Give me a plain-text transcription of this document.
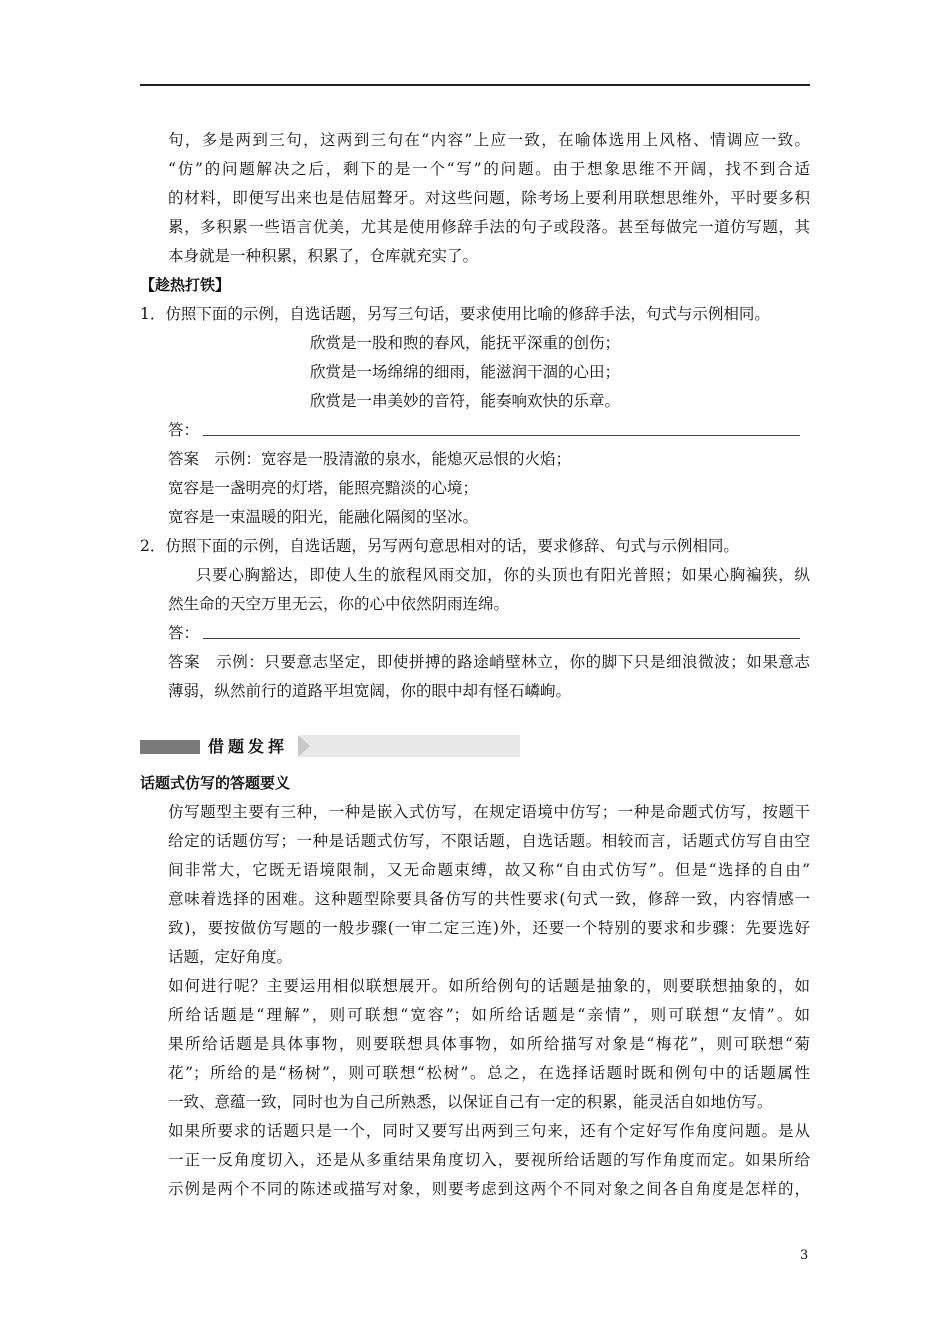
句，多是两到三句，这两到三句在“内容”上应一致，在喻体选用上风格、情调应一致。
“仿”的问题解决之后，剩下的是一个“写”的问题。由于想象思维不开阔，找不到合适
的材料，即便写出来也是佶屈聱牙。对这些问题，除考场上要利用联想思维外，平时要多积
累，多积累一些语言优美，尤其是使用修辞手法的句子或段落。甚至每做完一道仿写题，其
本身就是一种积累，积累了，仓库就充实了。
【趁热打铁】
1．仿照下面的示例，自选话题，另写三句话，要求使用比喻的修辞手法，句式与示例相同。
欣赏是一股和煦的春风，能抚平深重的创伤；
欣赏是一场绵绵的细雨，能滋润干涸的心田；
欣赏是一串美妙的音符，能奏响欢快的乐章。
答：
答案　示例：宽容是一股清澈的泉水，能熄灭忌恨的火焰；
宽容是一盏明亮的灯塔，能照亮黯淡的心境；
宽容是一束温暖的阳光，能融化隔阂的坚冰。
2．仿照下面的示例，自选话题，另写两句意思相对的话，要求修辞、句式与示例相同。
只要心胸豁达，即使人生的旅程风雨交加，你的头顶也有阳光普照；如果心胸褊狭，纵
然生命的天空万里无云，你的心中依然阴雨连绵。
答：
答案　示例：只要意志坚定，即使拼搏的路途峭壁林立，你的脚下只是细浪微波；如果意志
薄弱，纵然前行的道路平坦宽阔，你的眼中却有怪石嶙峋。
借题发挥
话题式仿写的答题要义
仿写题型主要有三种，一种是嵌入式仿写，在规定语境中仿写；一种是命题式仿写，按题干
给定的话题仿写；一种是话题式仿写，不限话题，自选话题。相较而言，话题式仿写自由空
间非常大，它既无语境限制，又无命题束缚，故又称“自由式仿写”。但是“选择的自由”
意味着选择的困难。这种题型除要具备仿写的共性要求(句式一致，修辞一致，内容情感一
致)，要按做仿写题的一般步骤(一审二定三连)外，还要一个特别的要求和步骤：先要选好
话题，定好角度。
如何进行呢？主要运用相似联想展开。如所给例句的话题是抽象的，则要联想抽象的，如
所给话题是“理解”，则可联想“宽容”；如所给话题是“亲情”，则可联想“友情”。如
果所给话题是具体事物，则要联想具体事物，如所给描写对象是“梅花”，则可联想“菊
花”；所给的是“杨树”，则可联想“松树”。总之，在选择话题时既和例句中的话题属性
一致、意蕴一致，同时也为自己所熟悉，以保证自己有一定的积累，能灵活自如地仿写。
如果所要求的话题只是一个，同时又要写出两到三句来，还有个定好写作角度问题。是从
一正一反角度切入，还是从多重结果角度切入，要视所给话题的写作角度而定。如果所给
示例是两个不同的陈述或描写对象，则要考虑到这两个不同对象之间各自角度是怎样的，
3
